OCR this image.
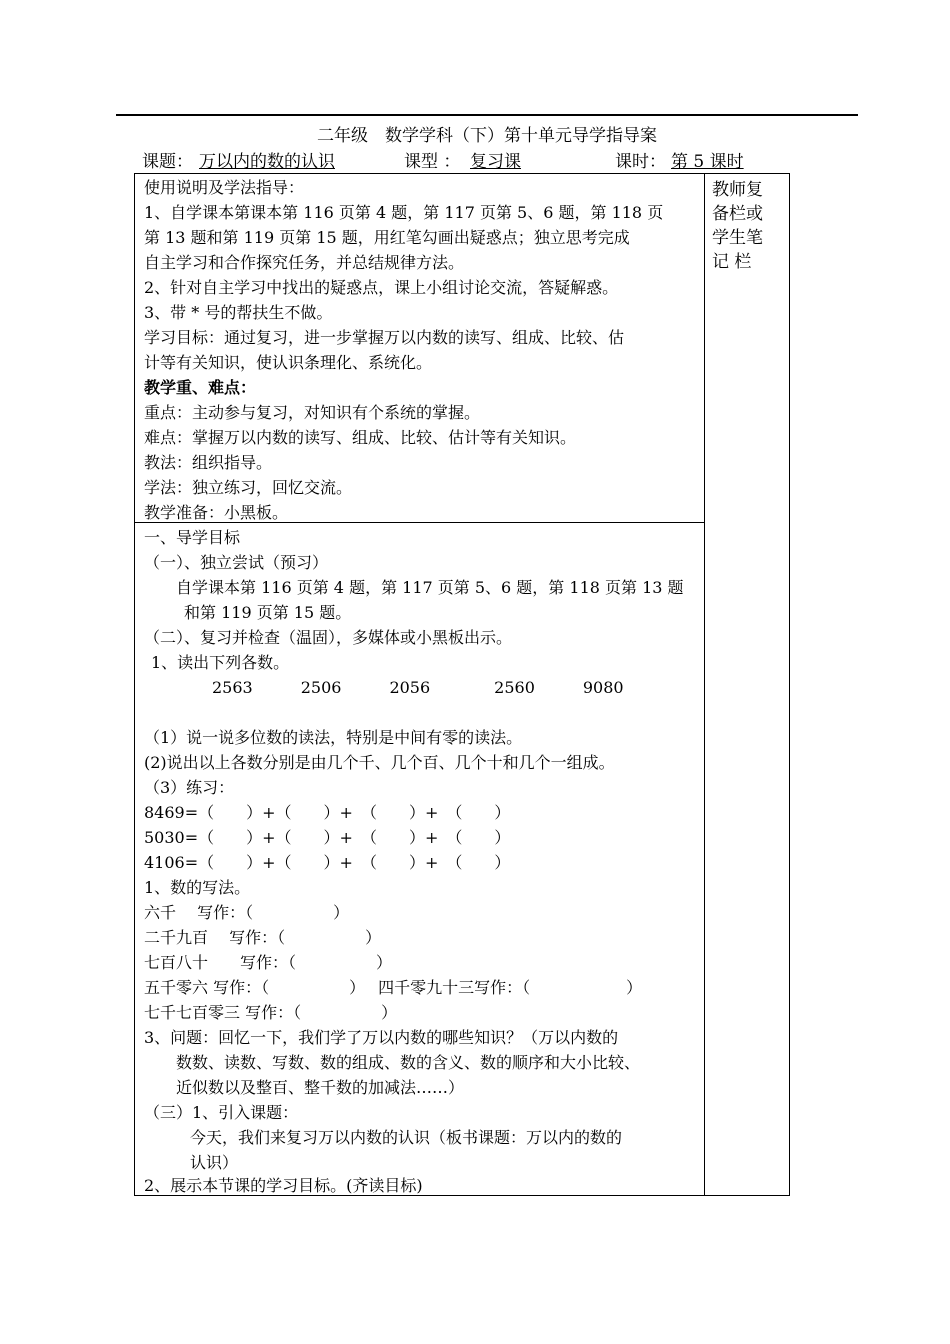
二年级　数学学科（下）第十单元导学指导案
课题： 万以内的数的认识	课型 ： 复习课	课时： 第 5 课时
教师复
备栏或
学生笔
记 栏
使用说明及学法指导：
1、自学课本第课本第 116 页第 4 题，第 117 页第 5、6 题，第 118 页
第 13 题和第 119 页第 15 题，用红笔勾画出疑惑点；独立思考完成
自主学习和合作探究任务，并总结规律方法。
2、针对自主学习中找出的疑惑点，课上小组讨论交流，答疑解惑。
3、带 * 号的帮扶生不做。
学习目标：通过复习，进一步掌握万以内数的读写、组成、比较、估
计等有关知识，使认识条理化、系统化。
教学重、难点：
重点：主动参与复习，对知识有个系统的掌握。
难点：掌握万以内数的读写、组成、比较、估计等有关知识。
教法：组织指导。
学法：独立练习，回忆交流。
教学准备：小黑板。
一、导学目标
（一）、独立尝试（预习）
自学课本第 116 页第 4 题，第 117 页第 5、6 题，第 118 页第 13 题
和第 119 页第 15 题。
（二）、复习并检查（温固），多媒体或小黑板出示。
1、读出下列各数。
2563　　　2506　　　2056　　　　2560　　　9080
（1）说一说多位数的读法，特别是中间有零的读法。
(2)说出以上各数分别是由几个千、几个百、几个十和几个一组成。
（3）练习：
8469=（　　）+（　　）+　（　　）+　（　　）
5030=（　　）+（　　）+　（　　）+　（　　）
4106=（　　）+（　　）+　（　　）+　（　　）
1、数的写法。
六千　 写作：（　　　　　）
二千九百　 写作：（　　　　　）
七百八十　　写作：（　　　　　）
五千零六 写作：（　　　　　）　 四千零九十三写作：（　　　　　　）
七千七百零三 写作：（　　　　　）
3、问题：回忆一下，我们学了万以内数的哪些知识？（万以内数的
数数、读数、写数、数的组成、数的含义、数的顺序和大小比较、
近似数以及整百、整千数的加减法……）
（三）1、引入课题：
今天，我们来复习万以内数的认识（板书课题：万以内的数的
认识）
2、展示本节课的学习目标。(齐读目标)
